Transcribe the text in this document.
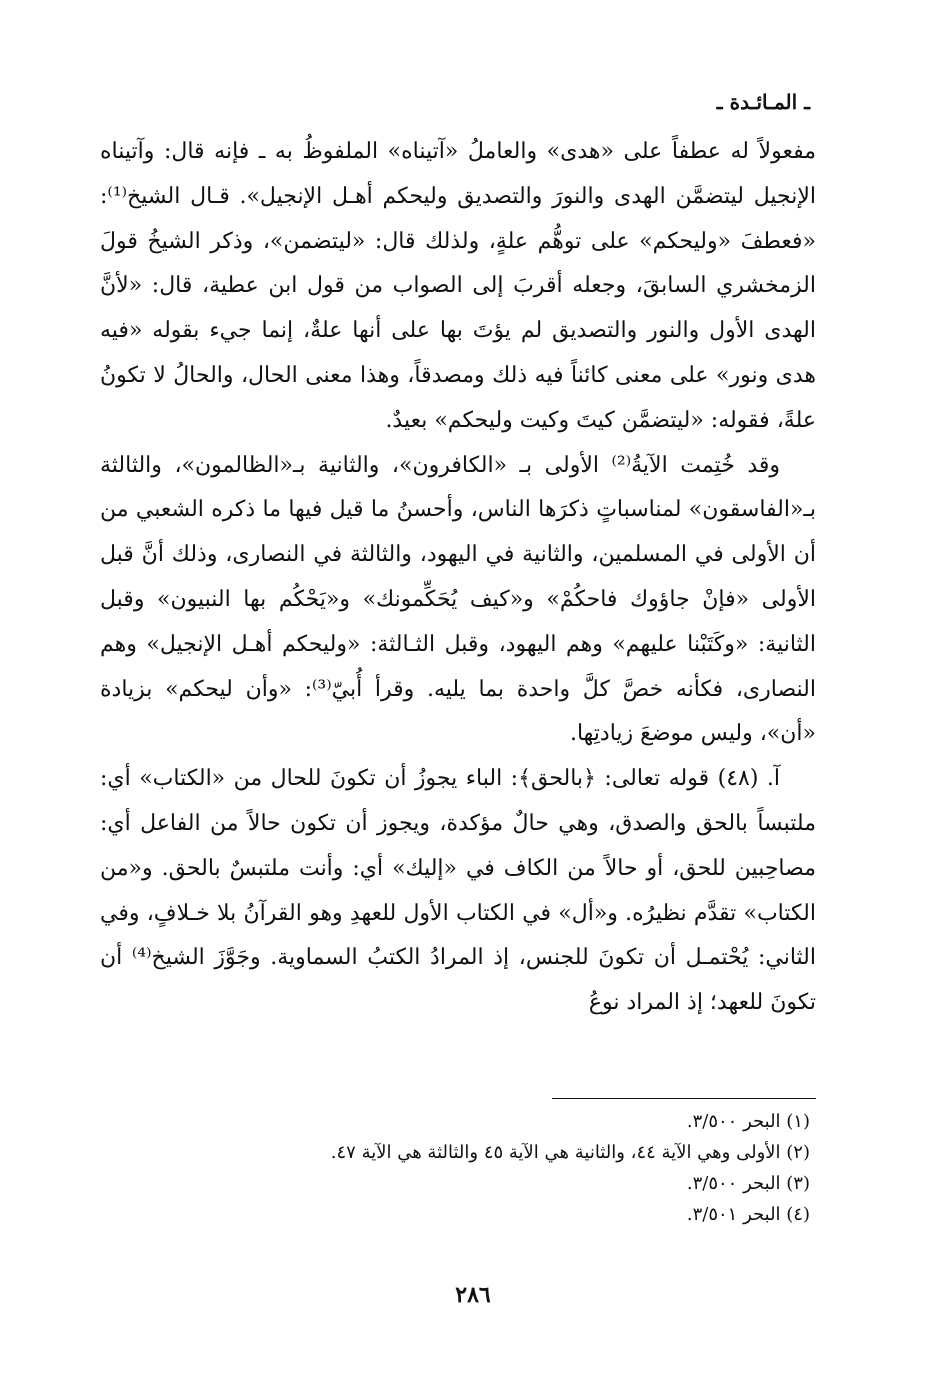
ـ المـائـدة ـ

مفعولاً له عطفاً على «هدى» والعاملُ «آتيناه» الملفوظُ به ـ فإنه قال: وآتيناه الإنجيل ليتضمَّن الهدى والنورَ والتصديق وليحكم أهـل الإنجيل». قـال الشيخ⁽¹⁾: «فعطفَ «وليحكم» على توهُّم علةٍ، ولذلك قال: «ليتضمن»، وذكر الشيخُ قولَ الزمخشري السابقَ، وجعله أقربَ إلى الصواب من قول ابن عطية، قال: «لأنَّ الهدى الأول والنور والتصديق لم يؤتَ بها على أنها علةٌ، إنما جيء بقوله «فيه هدى ونور» على معنى كائناً فيه ذلك ومصدقاً، وهذا معنى الحال، والحالُ لا تكونُ علةً، فقوله: «ليتضمَّن كيتَ وكيت وليحكم» بعيدٌ.

وقد خُتِمت الآيةُ⁽²⁾ الأولى بـ «الكافرون»، والثانية بـ«الظالمون»، والثالثة بـ«الفاسقون» لمناسباتٍ ذكرَها الناس، وأحسنُ ما قيل فيها ما ذكره الشعبي من أن الأولى في المسلمين، والثانية في اليهود، والثالثة في النصارى، وذلك أنَّ قبل الأولى «فإنْ جاؤوك فاحكُمْ» و«كيف يُحَكِّمونك» و«يَحْكُم بها النبيون» وقبل الثانية: «وكَتَبْنا عليهم» وهم اليهود، وقبل الثـالثة: «وليحكم أهـل الإنجيل» وهم النصارى، فكأنه خصَّ كلَّ واحدة بما يليه. وقرأ أُبيّ⁽³⁾: «وأن ليحكم» بزيادة «أن»، وليس موضعَ زيادتِها.

آ. (٤٨) قوله تعالى: ﴿بالحق﴾: الباء يجوزُ أن تكونَ للحال من «الكتاب» أي: ملتبساً بالحق والصدق، وهي حالٌ مؤكدة، ويجوز أن تكون حالاً من الفاعل أي: مصاحِبين للحق، أو حالاً من الكاف في «إليك» أي: وأنت ملتبسٌ بالحق. و«من الكتاب» تقدَّم نظيرُه. و«أل» في الكتاب الأول للعهدِ وهو القرآنُ بلا خـلافٍ، وفي الثاني: يُحْتمـل أن تكونَ للجنس، إذ المرادُ الكتبُ السماوية. وجَوَّزَ الشيخ⁽⁴⁾ أن تكونَ للعهد؛ إذ المراد نوعُ

(١) البحر ٣/٥٠٠.
(٢) الأولى وهي الآية ٤٤، والثانية هي الآية ٤٥ والثالثة هي الآية ٤٧.
(٣) البحر ٣/٥٠٠.
(٤) البحر ٣/٥٠١.
٢٨٦
